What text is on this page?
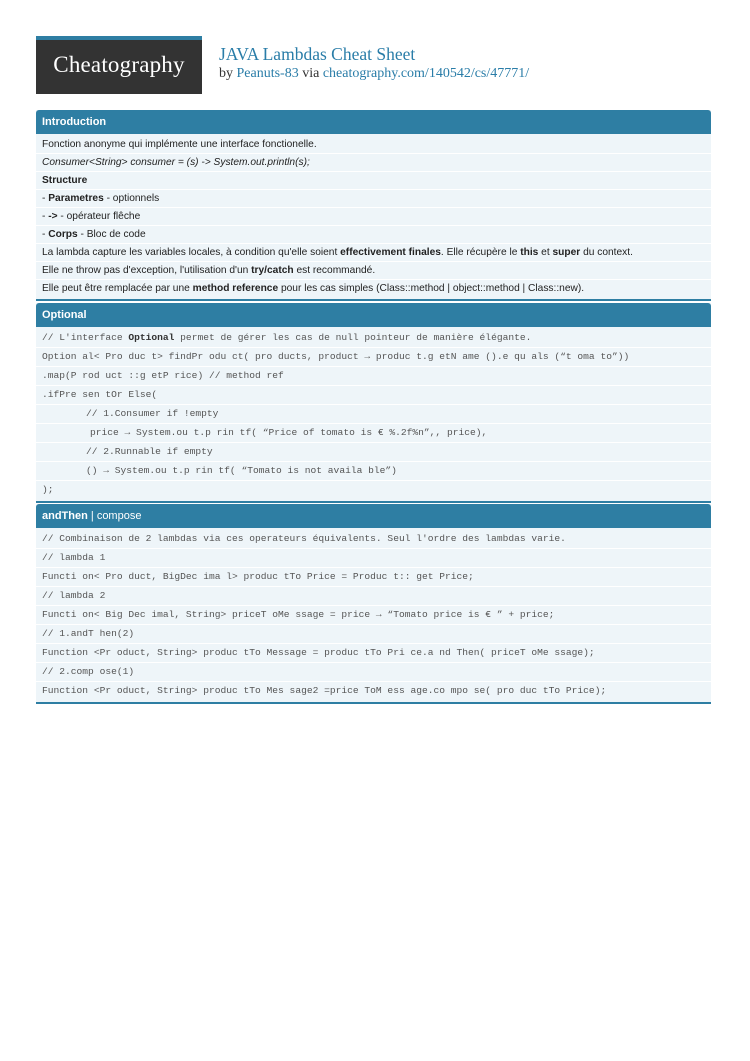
Cheatography	JAVA Lambdas Cheat Sheet
by Peanuts-83 via cheatography.com/140542/cs/47771/
Introduction
Fonction anonyme qui implémente une interface fonctionelle.
Consumer<String> consumer = (s) -> System.out.println(s);
Structure
- Parametres - optionnels
- -> - opérateur flêche
- Corps - Bloc de code
La lambda capture les variables locales, à condition qu'elle soient effectivement finales. Elle récupère le this et super du context.
Elle ne throw pas d'exception, l'utilisation d'un try/catch est recommandé.
Elle peut être remplacée par une method reference pour les cas simples (Class::method | object::method | Class::new).
Optional
// L'interface Optional permet de gérer les cas de null pointeur de manière élégante.
Option al< Pro duc t> findPr odu ct( pro ducts, product → produc t.g etN ame ().e qu als (“t oma to”))
.map(P rod uct ::g etP rice) // method ref
.ifPre sen tOr Else(
// 1.Consumer if !empty
price → System.ou t.p rin tf( “Price of tomato is € %.2f%n”,, price),
// 2.Runnable if empty
() → System.ou t.p rin tf( “Tomato is not availa ble”)
);
andThen | compose
// Combinaison de 2 lambdas via ces operateurs équivalents. Seul l'ordre des lambdas varie.
// lambda 1
Functi on< Pro duct, BigDec ima l> produc tTo Price = Produc t:: get Price;
// lambda 2
Functi on< Big Dec imal, String> priceT oMe ssage = price → “Tomato price is € ” + price;
// 1.andT hen(2)
Function <Pr oduct, String> produc tTo Message = produc tTo Pri ce.a nd Then( priceT oMe ssage);
// 2.comp ose(1)
Function <Pr oduct, String> produc tTo Mes sage2 =price ToM ess age.co mpo se( pro duc tTo Price);
